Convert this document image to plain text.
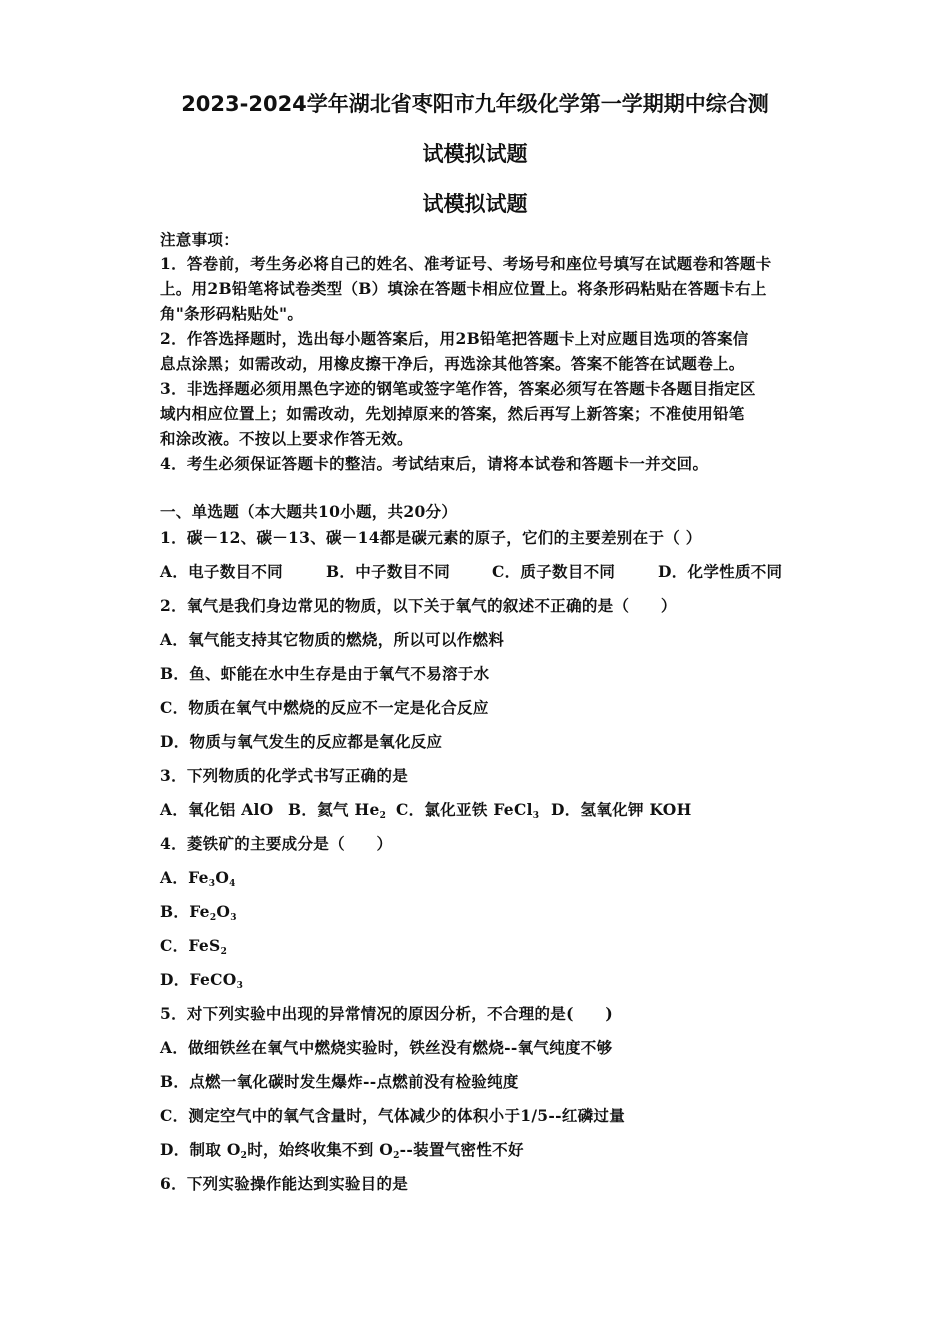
2023-2024学年湖北省枣阳市九年级化学第一学期期中综合测
试模拟试题
试模拟试题
注意事项：
1．答卷前，考生务必将自己的姓名、准考证号、考场号和座位号填写在试题卷和答题卡
上。用2B铅笔将试卷类型（B）填涂在答题卡相应位置上。将条形码粘贴在答题卡右上
角"条形码粘贴处"。
2．作答选择题时，选出每小题答案后，用2B铅笔把答题卡上对应题目选项的答案信
息点涂黑；如需改动，用橡皮擦干净后，再选涂其他答案。答案不能答在试题卷上。
3．非选择题必须用黑色字迹的钢笔或签字笔作答，答案必须写在答题卡各题目指定区
域内相应位置上；如需改动，先划掉原来的答案，然后再写上新答案；不准使用铅笔
和涂改液。不按以上要求作答无效。
4．考生必须保证答题卡的整洁。考试结束后，请将本试卷和答题卡一并交回。
一、单选题（本大题共10小题，共20分）
1．碳－12、碳－13、碳－14都是碳元素的原子，它们的主要差别在于（ ）
A．电子数目不同	B．中子数目不同	C．质子数目不同	D．化学性质不同
2．氧气是我们身边常见的物质，以下关于氧气的叙述不正确的是（　　）
A．氧气能支持其它物质的燃烧，所以可以作燃料
B．鱼、虾能在水中生存是由于氧气不易溶于水
C．物质在氧气中燃烧的反应不一定是化合反应
D．物质与氧气发生的反应都是氧化反应
3．下列物质的化学式书写正确的是
A．氧化铝 AlO B．氦气 $He_2$ C．氯化亚铁 FeCl$_3$ D．氢氧化钾 KOH
4．菱铁矿的主要成分是（　　）
A．$Fe_3O_4$
B．$Fe_2O_3$
C．FeS$_2$
D．FeCO$_3$
5．对下列实验中出现的异常情况的原因分析，不合理的是(　　)
A．做细铁丝在氧气中燃烧实验时，铁丝没有燃烧--氧气纯度不够
B．点燃一氧化碳时发生爆炸--点燃前没有检验纯度
C．测定空气中的氧气含量时，气体减少的体积小于1/5--红磷过量
D．制取 $O_2$时，始终收集不到 $O_2--$装置气密性不好
6．下列实验操作能达到实验目的是
